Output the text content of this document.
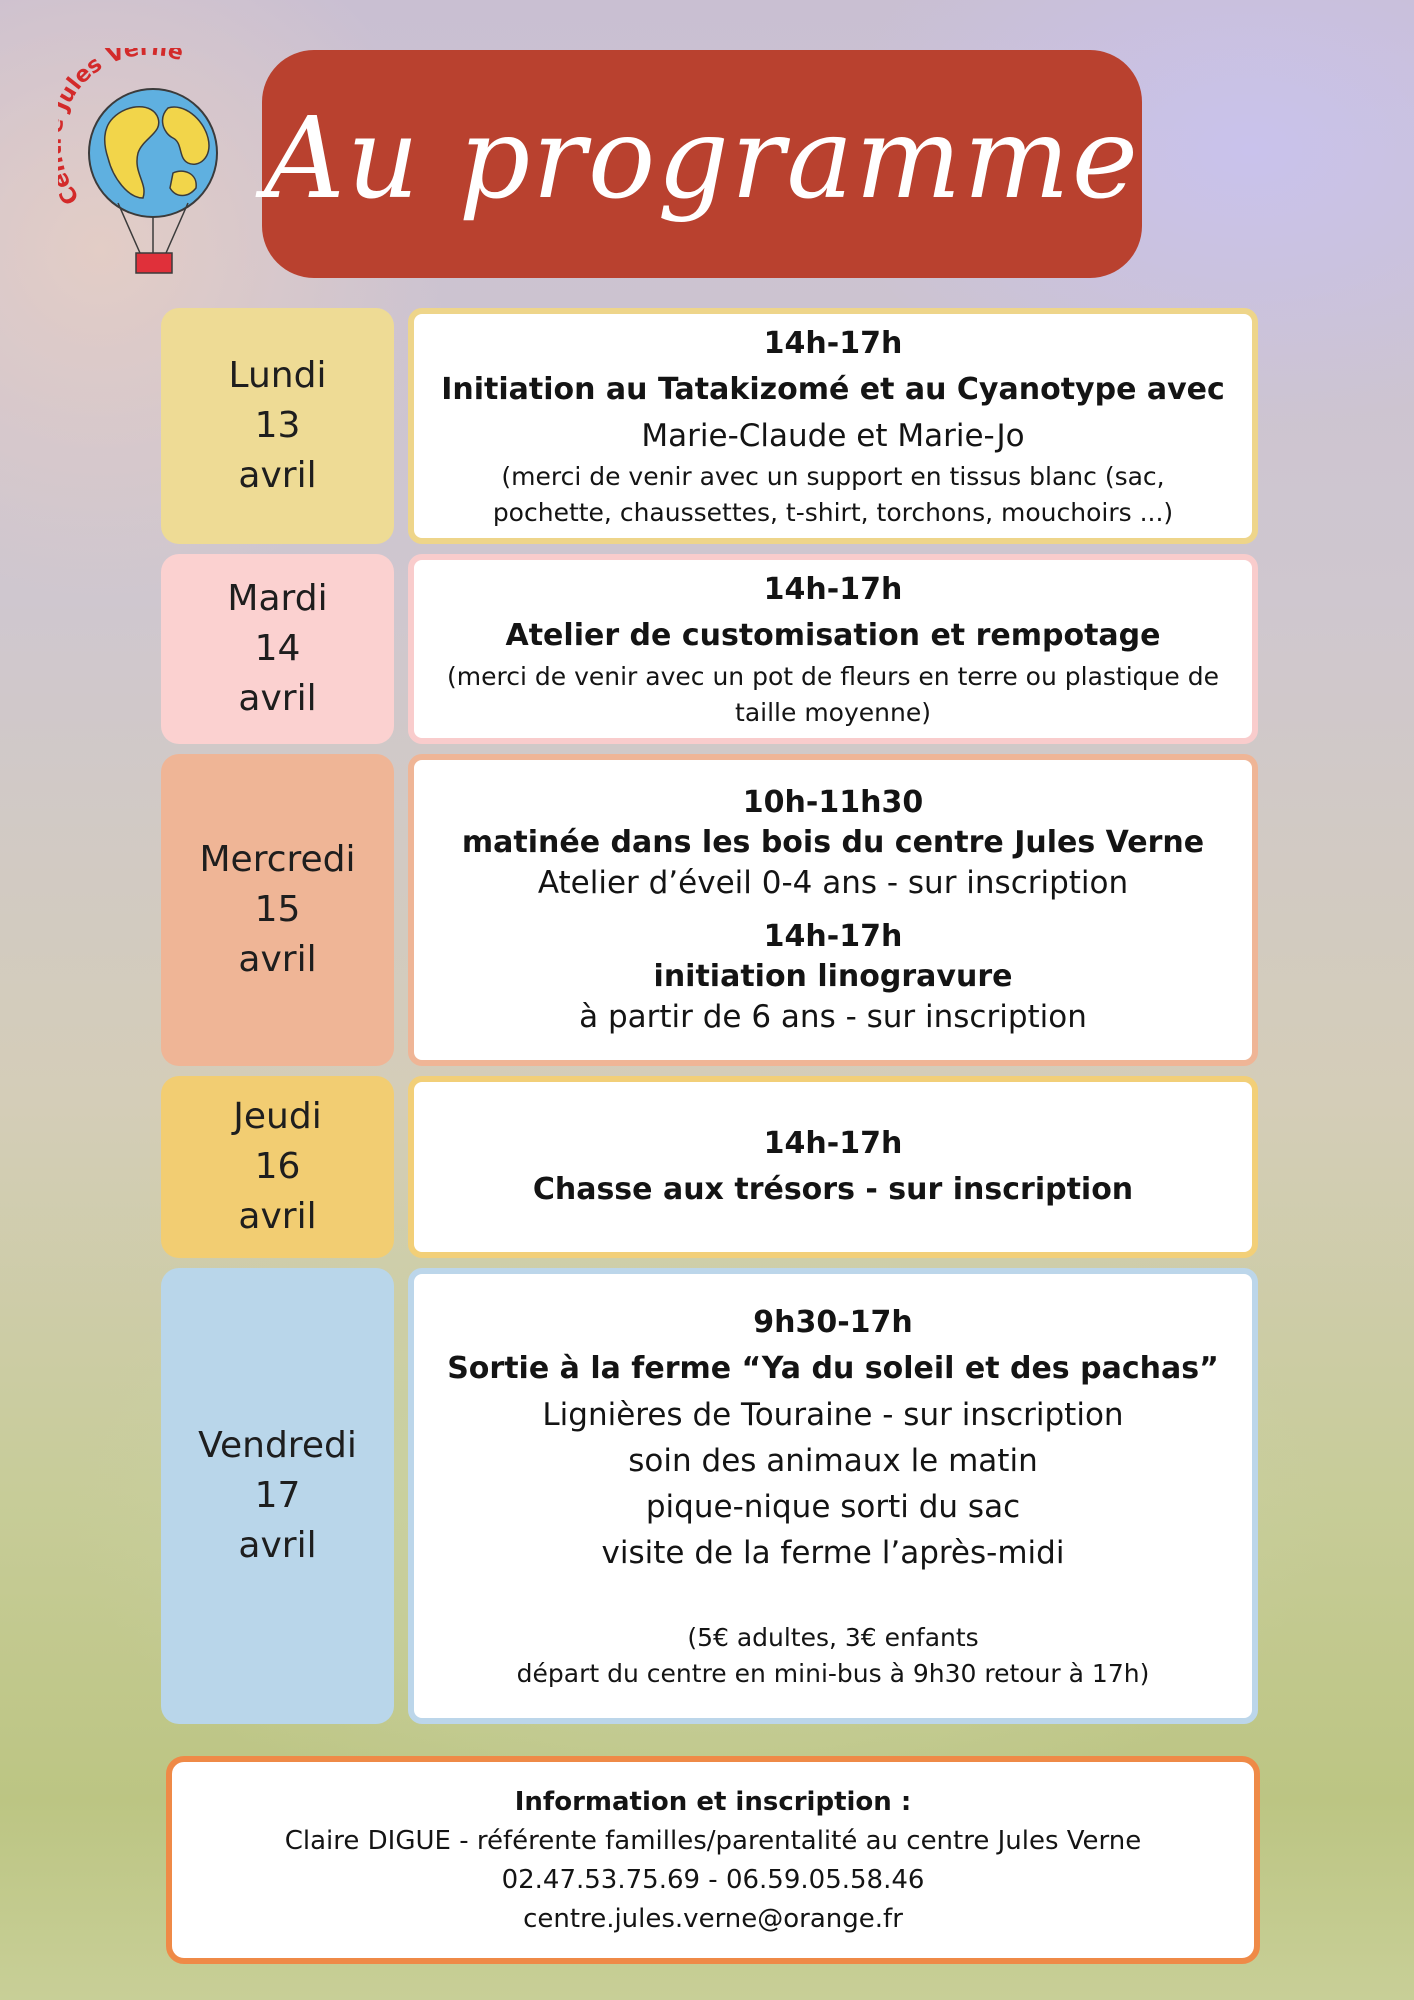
les Verne
Au programme
Lundi
13
avril
14h-17h
Initiation au Tatakizomé et au Cyanotype avec
Marie-Claude et Marie-Jo
(merci de venir avec un support en tissus blanc (sac,
pochette, chaussettes, t-shirt, torchons, mouchoirs ...)
Mardi
14
avril
14h-17h
Atelier de customisation et rempotage
(merci de venir avec un pot de fleurs en terre ou plastique de
taille moyenne)
Mercredi
15
avril
10h-11h30
matinée dans les bois du centre Jules Verne
Atelier d’éveil 0-4 ans - sur inscription
14h-17h
initiation linogravure
à partir de 6 ans - sur inscription
Jeudi
16
avril
14h-17h
Chasse aux trésors - sur inscription
Vendredi
17
avril
9h30-17h
Sortie à la ferme “Ya du soleil et des pachas”
Lignières de Touraine - sur inscription
soin des animaux le matin
pique-nique sorti du sac
visite de la ferme l’après-midi
(5€ adultes, 3€ enfants
départ du centre en mini-bus à 9h30 retour à 17h)
Information et inscription :
Claire DIGUE - référente familles/parentalité au centre Jules Verne
02.47.53.75.69 - 06.59.05.58.46
centre.jules.verne@orange.fr
